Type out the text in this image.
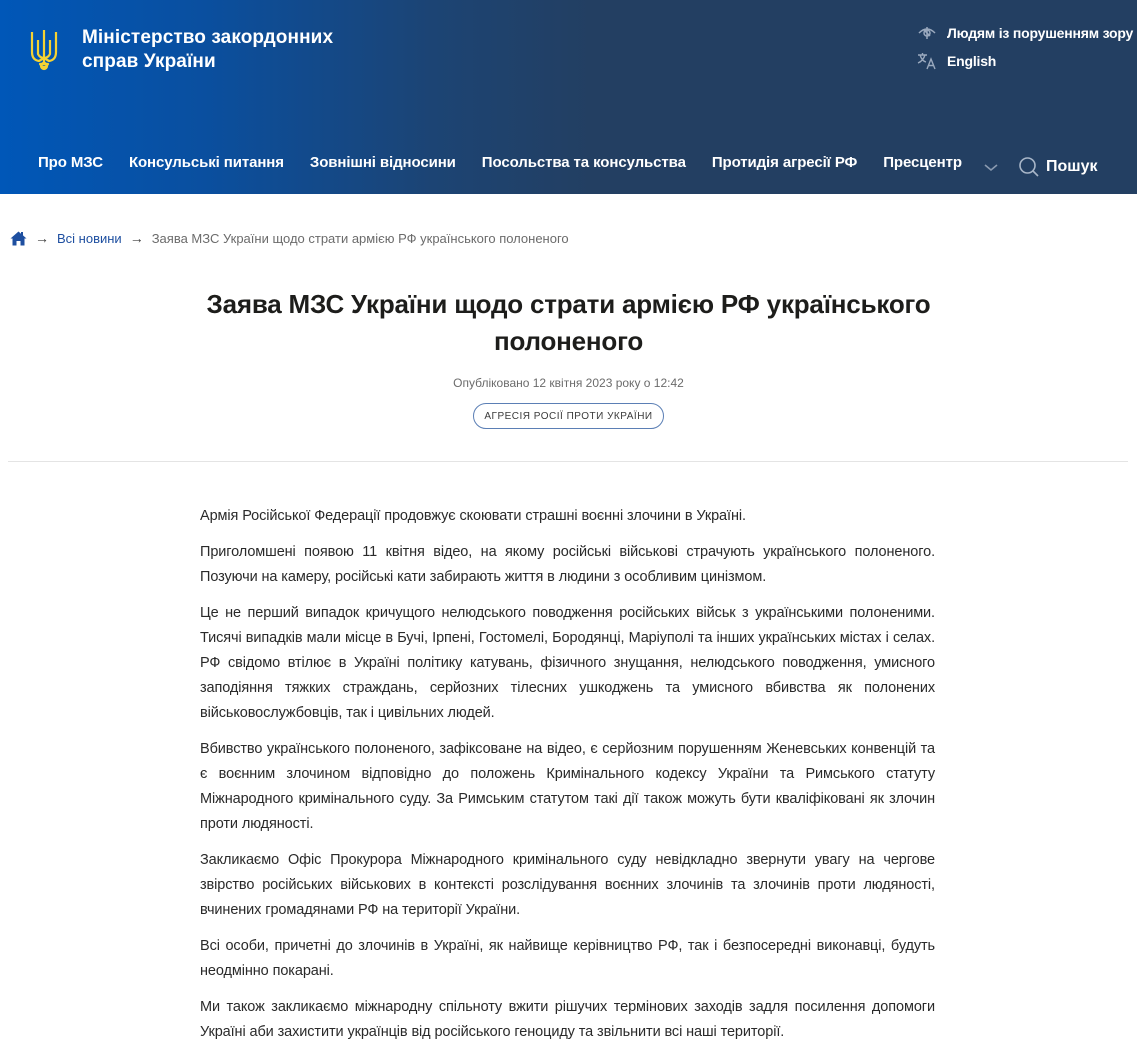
Міністерство закордонних
справ України
Людям із порушенням зору
English
Про МЗС Консульські питання Зовнішні відносини Посольства та консульства Протидія агресії РФ Пресцентр	Пошук
→ Всі новини → Заява МЗС України щодо страти армією РФ українського полоненого
Заява МЗС України щодо страти армією РФ українського полоненого
Опубліковано 12 квітня 2023 року о 12:42
АГРЕСІЯ РОСІЇ ПРОТИ УКРАЇНИ

Армія Російської Федерації продовжує скоювати страшні воєнні злочини в Україні.

Приголомшені появою 11 квітня відео, на якому російські військові страчують українського полоненого. Позуючи на камеру, російські кати забирають життя в людини з особливим цинізмом.

Це не перший випадок кричущого нелюдського поводження російських військ з українськими полоненими. Тисячі випадків мали місце в Бучі, Ірпені, Гостомелі, Бородянці, Маріуполі та інших українських містах і селах. РФ свідомо втілює в Україні політику катувань, фізичного знущання, нелюдського поводження, умисного заподіяння тяжких страждань, серйозних тілесних ушкоджень та умисного вбивства як полонених військовослужбовців, так і цивільних людей.

Вбивство українського полоненого, зафіксоване на відео, є серйозним порушенням Женевських конвенцій та є воєнним злочином відповідно до положень Кримінального кодексу України та Римського статуту Міжнародного кримінального суду. За Римським статутом такі дії також можуть бути кваліфіковані як злочин проти людяності.

Закликаємо Офіс Прокурора Міжнародного кримінального суду невідкладно звернути увагу на чергове звірство російських військових в контексті розслідування воєнних злочинів та злочинів проти людяності, вчинених громадянами РФ на території України.

Всі особи, причетні до злочинів в Україні, як найвище керівництво РФ, так і безпосередні виконавці, будуть неодмінно покарані.

Ми також закликаємо міжнародну спільноту вжити рішучих термінових заходів задля посилення допомоги Україні аби захистити українців від російського геноциду та звільнити всі наші території.
